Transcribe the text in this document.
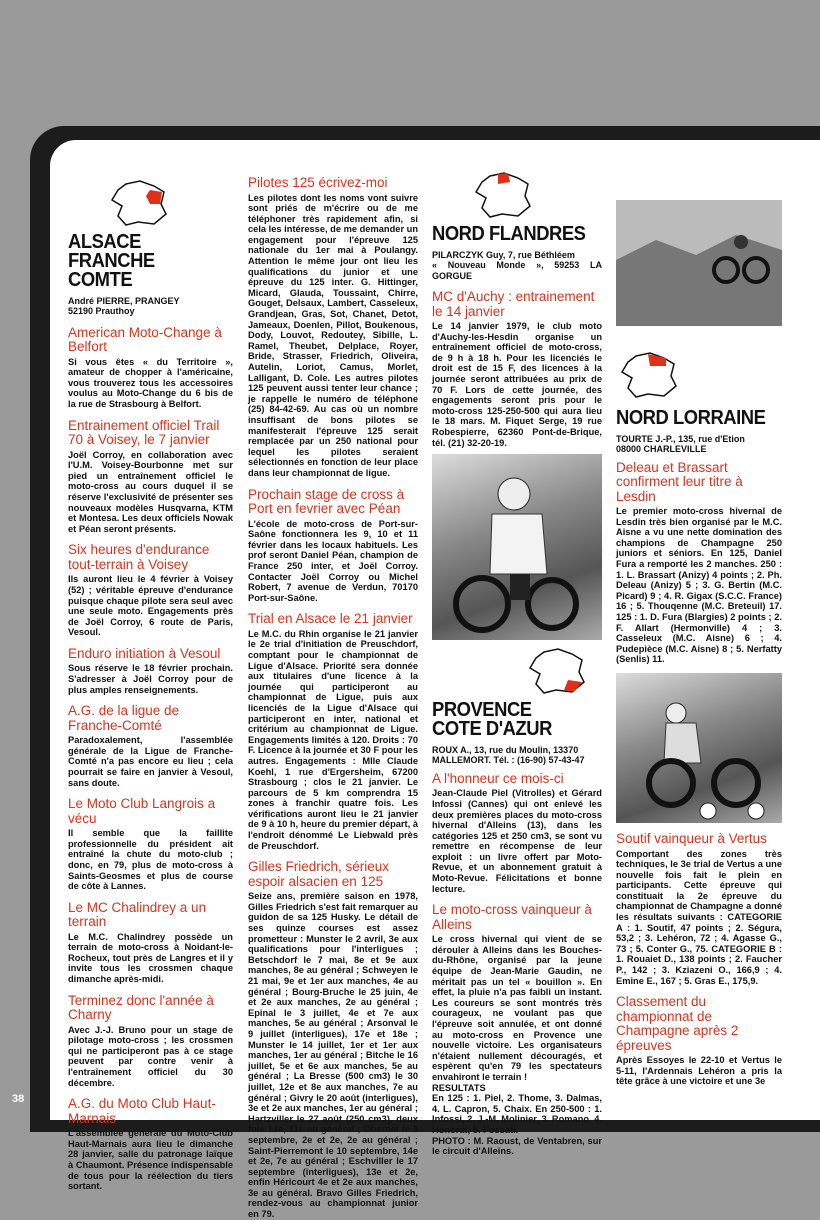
38
ALSACE
FRANCHE COMTE
André PIERRE, PRANGEY
52190 Prauthoy
American Moto-Change à Belfort

Si vous êtes « du Territoire », amateur de chopper à l'américaine, vous trouverez tous les accessoires voulus au Moto-Change du 6 bis de la rue de Strasbourg à Belfort.

Entrainement officiel Trail 70 à Voisey, le 7 janvier

Joël Corroy, en collaboration avec l'U.M. Voisey-Bourbonne met sur pied un entraînement officiel le moto-cross au cours duquel il se réserve l'exclusivité de présenter ses nouveaux modèles Husqvarna, KTM et Montesa. Les deux officiels Nowak et Péan seront présents.

Six heures d'endurance tout-terrain à Voisey

Ils auront lieu le 4 février à Voisey (52) ; véritable épreuve d'endurance puisque chaque pilote sera seul avec une seule moto. Engagements près de Joël Corroy, 6 route de Paris, Vesoul.

Enduro initiation à Vesoul

Sous réserve le 18 février prochain. S'adresser à Joël Corroy pour de plus amples renseignements.

A.G. de la ligue de Franche-Comté

Paradoxalement, l'assemblée générale de la Ligue de Franche-Comté n'a pas encore eu lieu ; cela pourrait se faire en janvier à Vesoul, sans doute.

Le Moto Club Langrois a vécu

Il semble que la faillite professionnelle du président ait entraîné la chute du moto-club ; donc, en 79, plus de moto-cross à Saints-Geosmes et plus de course de côte à Lannes.

Le MC Chalindrey a un terrain

Le M.C. Chalindrey possède un terrain de moto-cross à Noidant-le-Rocheux, tout près de Langres et il y invite tous les crossmen chaque dimanche après-midi.

Terminez donc l'année à Charny

Avec J.-J. Bruno pour un stage de pilotage moto-cross ; les crossmen qui ne participeront pas à ce stage peuvent par contre venir à l'entraînement officiel du 30 décembre.

A.G. du Moto Club Haut-Marnais

L'assemblée générale du Moto-Club Haut-Marnais aura lieu le dimanche 28 janvier, salle du patronage laïque à Chaumont. Présence indispensable de tous pour la réélection du tiers sortant.

Pilotes 125 écrivez-moi

Les pilotes dont les noms vont suivre sont priés de m'écrire ou de me téléphoner très rapidement afin, si cela les intéresse, de me demander un engagement pour l'épreuve 125 nationale du 1er mai à Poulangy. Attention le même jour ont lieu les qualifications du junior et une épreuve du 125 inter. G. Hittinger, Micard, Glauda, Toussaint, Chirre, Gouget, Delsaux, Lambert, Casseleux, Grandjean, Gras, Sot, Chanet, Detot, Jameaux, Doenlen, Pillot, Boukenous, Dody, Louvot, Redoutey, Sibille, L. Ramel, Theubet, Delplace, Royer, Bride, Strasser, Friedrich, Oliveira, Autelin, Loriot, Camus, Morlet, Lalligant, D. Cole. Les autres pilotes 125 peuvent aussi tenter leur chance ; je rappelle le numéro de téléphone (25) 84-42-69. Au cas où un nombre insuffisant de bons pilotes se manifesterait l'épreuve 125 serait remplacée par un 250 national pour lequel les pilotes seraient sélectionnés en fonction de leur place dans leur championnat de ligue.

Prochain stage de cross à Port en fevrier avec Péan

L'école de moto-cross de Port-sur-Saône fonctionnera les 9, 10 et 11 février dans les locaux habituels. Les prof seront Daniel Péan, champion de France 250 inter, et Joël Corroy. Contacter Joël Corroy ou Michel Robert, 7 avenue de Verdun, 70170 Port-sur-Saône.

Trial en Alsace le 21 janvier

Le M.C. du Rhin organise le 21 janvier le 2e trial d'initiation de Preuschdorf, comptant pour le championnat de Ligue d'Alsace. Priorité sera donnée aux titulaires d'une licence à la journée qui participeront au championnat de Ligue, puis aux licenciés de la Ligue d'Alsace qui participeront en inter, national et critérium au championnat de Ligue. Engagements limités à 120. Droits : 70 F. Licence à la journée et 30 F pour les autres. Engagements : Mlle Claude Koehl, 1 rue d'Ergersheim, 67200 Strasbourg ; clos le 21 janvier. Le parcours de 5 km comprendra 15 zones à franchir quatre fois. Les vérifications auront lieu le 21 janvier de 9 à 10 h, heure du premier départ, à l'endroit dénommé Le Liebwald près de Preuschdorf.

Gilles Friedrich, sérieux espoir alsacien en 125

Seize ans, première saison en 1978, Gilles Friedrich s'est fait remarquer au guidon de sa 125 Husky. Le détail de ses quinze courses est assez prometteur : Munster le 2 avril, 3e aux qualifications pour l'interligues ; Betschdorf le 7 mai, 8e et 9e aux manches, 8e au général ; Schweyen le 21 mai, 9e et 1er aux manches, 4e au général ; Bourg-Bruche le 25 juin, 4e et 2e aux manches, 2e au général ; Epinal le 3 juillet, 4e et 7e aux manches, 5e au général ; Arsonval le 9 juillet (interligues), 17e et 18e ; Munster le 14 juillet, 1er et 1er aux manches, 1er au général ; Bitche le 16 juillet, 5e et 6e aux manches, 5e au général ; La Bresse (500 cm3) le 30 juillet, 12e et 8e aux manches, 7e au général ; Givry le 20 août (interligues), 3e et 2e aux manches, 1er au général ; Hartzviller le 27 août (250 cm3), deux fois 13e, 11e au général ; Obernai le 3 septembre, 2e et 2e, 2e au général ; Saint-Pierremont le 10 septembre, 14e et 2e, 7e au général ; Eschviller le 17 septembre (interligues), 13e et 2e, enfin Héricourt 4e et 2e aux manches, 3e au général. Bravo Gilles Friedrich, rendez-vous au championnat junior en 79.

NORD FLANDRES
PILARCZYK Guy, 7, rue Béthléem
« Nouveau Monde », 59253 LA GORGUE
MC d'Auchy : entrainement le 14 janvier

Le 14 janvier 1979, le club moto d'Auchy-les-Hesdin organise un entraînement officiel de moto-cross, de 9 h à 18 h. Pour les licenciés le droit est de 15 F, des licences à la journée seront attribuées au prix de 70 F. Lors de cette journée, des engagements seront pris pour le moto-cross 125-250-500 qui aura lieu le 18 mars. M. Fiquet Serge, 19 rue Robespierre, 62360 Pont-de-Brique, tél. (21) 32-20-19.

PROVENCE
COTE D'AZUR
ROUX A., 13, rue du Moulin, 13370
MALLEMORT. Tél. : (16-90) 57-43-47
A l'honneur ce mois-ci

Jean-Claude Piel (Vitrolles) et Gérard Infossi (Cannes) qui ont enlevé les deux premières places du moto-cross hivernal d'Alleins (13), dans les catégories 125 et 250 cm3, se sont vu remettre en récompense de leur exploit : un livre offert par Moto-Revue, et un abonnement gratuit à Moto-Revue. Félicitations et bonne lecture.

Le moto-cross vainqueur à Alleins

Le cross hivernal qui vient de se dérouler à Alleins dans les Bouches-du-Rhône, organisé par la jeune équipe de Jean-Marie Gaudin, ne méritait pas un tel « bouillon ». En effet, la pluie n'a pas faibli un instant. Les coureurs se sont montrés très courageux, ne voulant pas que l'épreuve soit annulée, et ont donné au moto-cross en Provence une nouvelle victoire. Les organisateurs n'étaient nullement découragés, et espèrent qu'en 79 les spectateurs envahiront le terrain !

RESULTATS

En 125 : 1. Piel, 2. Thome, 3. Dalmas, 4. L. Capron, 5. Chaix. En 250-500 : 1. Infossi, 2. J.-M. Molinier, 3. Romano, 4. Honorat, 5. Fossati.

PHOTO : M. Raoust, de Ventabren, sur le circuit d'Alleins.

NORD LORRAINE
TOURTE J.-P., 135, rue d'Etion
08000 CHARLEVILLE
Deleau et Brassart confirment leur titre à Lesdin

Le premier moto-cross hivernal de Lesdin très bien organisé par le M.C. Aisne a vu une nette domination des champions de Champagne 250 juniors et séniors. En 125, Daniel Fura a remporté les 2 manches. 250 : 1. L. Brassart (Anizy) 4 points ; 2. Ph. Deleau (Anizy) 5 ; 3. G. Bertin (M.C. Picard) 9 ; 4. R. Gigax (S.C.C. France) 16 ; 5. Thouqenne (M.C. Breteuil) 17. 125 : 1. D. Fura (Blargies) 2 points ; 2. F. Allart (Hermonville) 4 ; 3. Casseleux (M.C. Aisne) 6 ; 4. Pudepièce (M.C. Aisne) 8 ; 5. Nerfatty (Senlis) 11.

Soutif vainqueur à Vertus

Comportant des zones très techniques, le 3e trial de Vertus a une nouvelle fois fait le plein en participants. Cette épreuve qui constituait la 2e épreuve du championnat de Champagne a donné les résultats suivants : CATEGORIE A : 1. Soutif, 47 points ; 2. Ségura, 53,2 ; 3. Lehéron, 72 ; 4. Agasse G., 73 ; 5. Conter G., 75. CATEGORIE B : 1. Rouaiet D., 138 points ; 2. Faucher P., 142 ; 3. Kziazeni O., 166,9 ; 4. Emine E., 167 ; 5. Gras E., 175,9.

Classement du championnat de Champagne après 2 épreuves

Après Essoyes le 22-10 et Vertus le 5-11, l'Ardennais Lehéron a pris la tête grâce à une victoire et une 3e
